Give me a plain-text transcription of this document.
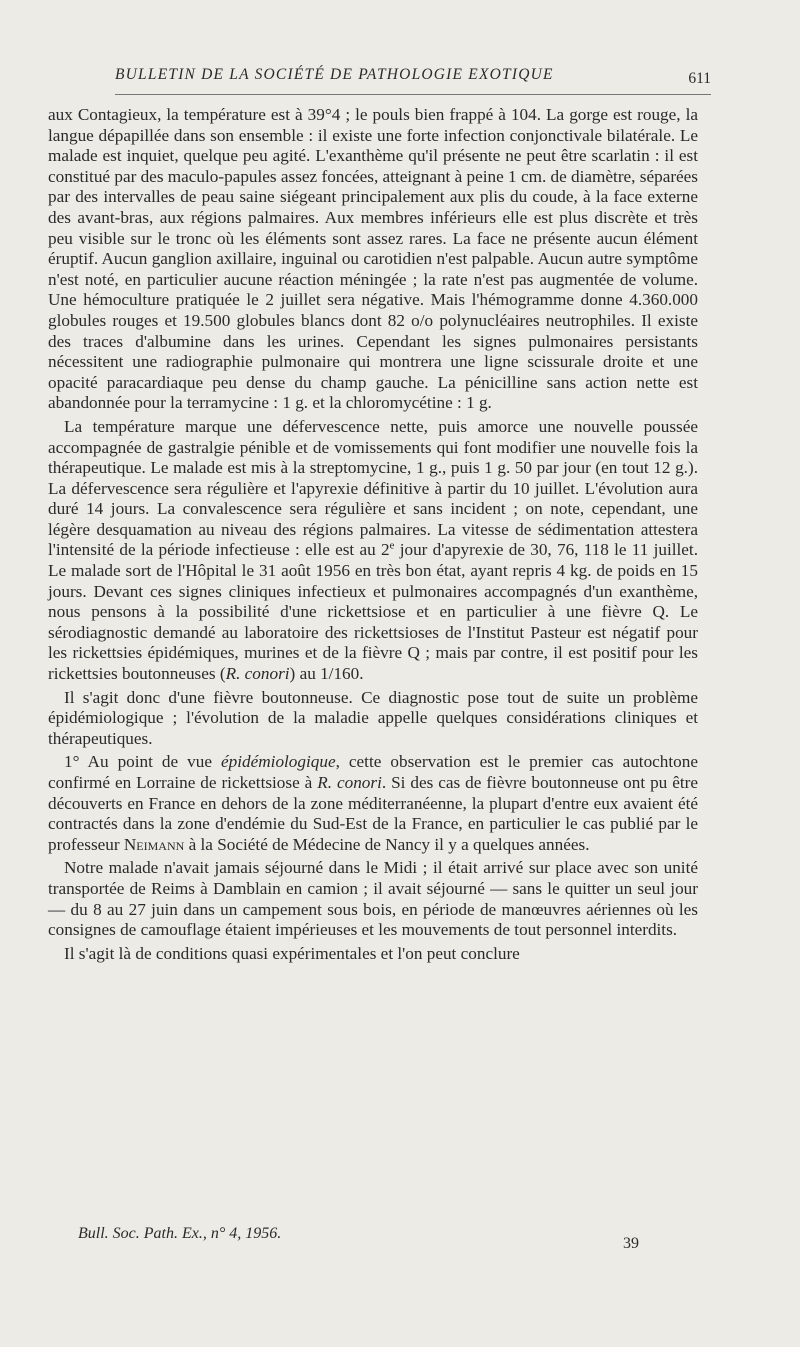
BULLETIN DE LA SOCIÉTÉ DE PATHOLOGIE EXOTIQUE	611

aux Contagieux, la température est à 39°4 ; le pouls bien frappé à 104. La gorge est rouge, la langue dépapillée dans son ensemble : il existe une forte infection conjonctivale bilatérale. Le malade est inquiet, quelque peu agité. L'exanthème qu'il présente ne peut être scarlatin : il est constitué par des maculo-papules assez foncées, atteignant à peine 1 cm. de diamètre, séparées par des intervalles de peau saine siégeant principalement aux plis du coude, à la face externe des avant-bras, aux régions palmaires. Aux membres inférieurs elle est plus discrète et très peu visible sur le tronc où les éléments sont assez rares. La face ne présente aucun élément éruptif. Aucun ganglion axillaire, inguinal ou carotidien n'est palpable. Aucun autre symptôme n'est noté, en particulier aucune réaction méningée ; la rate n'est pas augmentée de volume. Une hémoculture pratiquée le 2 juillet sera négative. Mais l'hémogramme donne 4.360.000 globules rouges et 19.500 globules blancs dont 82 o/o polynucléaires neutrophiles. Il existe des traces d'albumine dans les urines. Cependant les signes pulmonaires persistants nécessitent une radiographie pulmonaire qui montrera une ligne scissurale droite et une opacité paracardiaque peu dense du champ gauche. La pénicilline sans action nette est abandonnée pour la terramycine : 1 g. et la chloromycétine : 1 g.

La température marque une défervescence nette, puis amorce une nouvelle poussée accompagnée de gastralgie pénible et de vomissements qui font modifier une nouvelle fois la thérapeutique. Le malade est mis à la streptomycine, 1 g., puis 1 g. 50 par jour (en tout 12 g.). La défervescence sera régulière et l'apyrexie définitive à partir du 10 juillet. L'évolution aura duré 14 jours. La convalescence sera régulière et sans incident ; on note, cependant, une légère desquamation au niveau des régions palmaires. La vitesse de sédimentation attestera l'intensité de la période infectieuse : elle est au 2e jour d'apyrexie de 30, 76, 118 le 11 juillet. Le malade sort de l'Hôpital le 31 août 1956 en très bon état, ayant repris 4 kg. de poids en 15 jours. Devant ces signes cliniques infectieux et pulmonaires accompagnés d'un exanthème, nous pensons à la possibilité d'une rickettsiose et en particulier à une fièvre Q. Le sérodiagnostic demandé au laboratoire des rickettsioses de l'Institut Pasteur est négatif pour les rickettsies épidémiques, murines et de la fièvre Q ; mais par contre, il est positif pour les rickettsies boutonneuses (R. conori) au 1/160.

Il s'agit donc d'une fièvre boutonneuse. Ce diagnostic pose tout de suite un problème épidémiologique ; l'évolution de la maladie appelle quelques considérations cliniques et thérapeutiques.

1° Au point de vue épidémiologique, cette observation est le premier cas autochtone confirmé en Lorraine de rickettsiose à R. conori. Si des cas de fièvre boutonneuse ont pu être découverts en France en dehors de la zone méditerranéenne, la plupart d'entre eux avaient été contractés dans la zone d'endémie du Sud-Est de la France, en particulier le cas publié par le professeur Neimann à la Société de Médecine de Nancy il y a quelques années.

Notre malade n'avait jamais séjourné dans le Midi ; il était arrivé sur place avec son unité transportée de Reims à Damblain en camion ; il avait séjourné — sans le quitter un seul jour — du 8 au 27 juin dans un campement sous bois, en période de manœuvres aériennes où les consignes de camouflage étaient impérieuses et les mouvements de tout personnel interdits.

Il s'agit là de conditions quasi expérimentales et l'on peut conclure

Bull. Soc. Path. Ex., n° 4, 1956.
39
